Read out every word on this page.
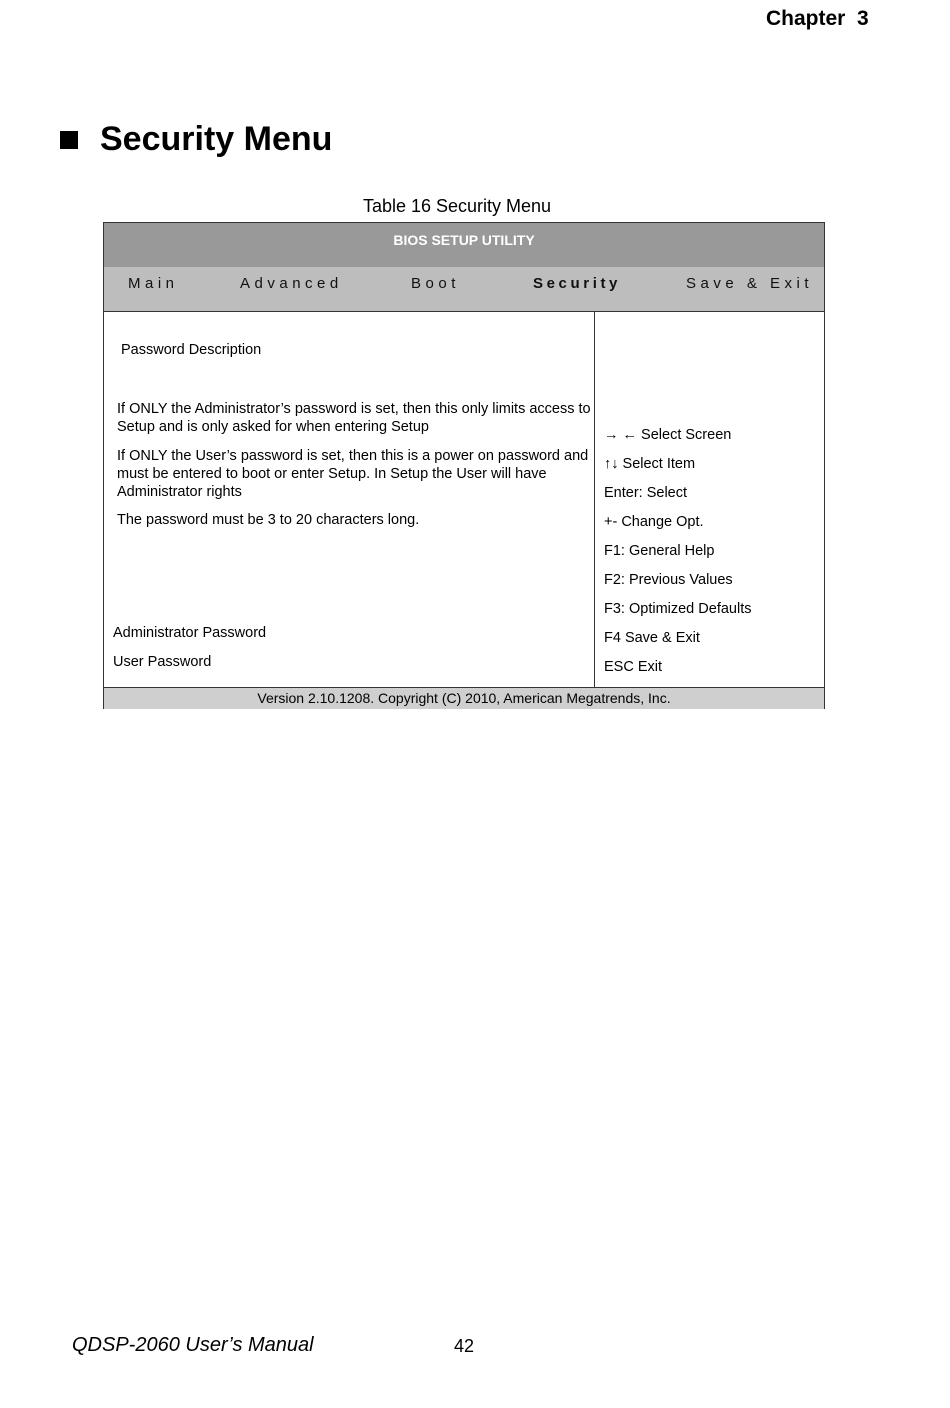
Chapter  3
Security Menu
Table 16 Security Menu
BIOS SETUP UTILITY
Main	Advanced	Boot	Security	Save & Exit
Password Description
If ONLY the Administrator’s password is set, then this only limits access to Setup and is only asked for when entering Setup
If ONLY the User’s password is set, then this is a power on password and must be entered to boot or enter Setup. In Setup the User will have Administrator rights
The password must be 3 to 20 characters long.
Administrator Password
User Password
→ ← Select Screen
↑↓ Select Item
Enter: Select
+- Change Opt.
F1: General Help
F2: Previous Values
F3: Optimized Defaults
F4 Save & Exit
ESC Exit
Version 2.10.1208. Copyright (C) 2010, American Megatrends, Inc.
QDSP-2060 User’s Manual	42
